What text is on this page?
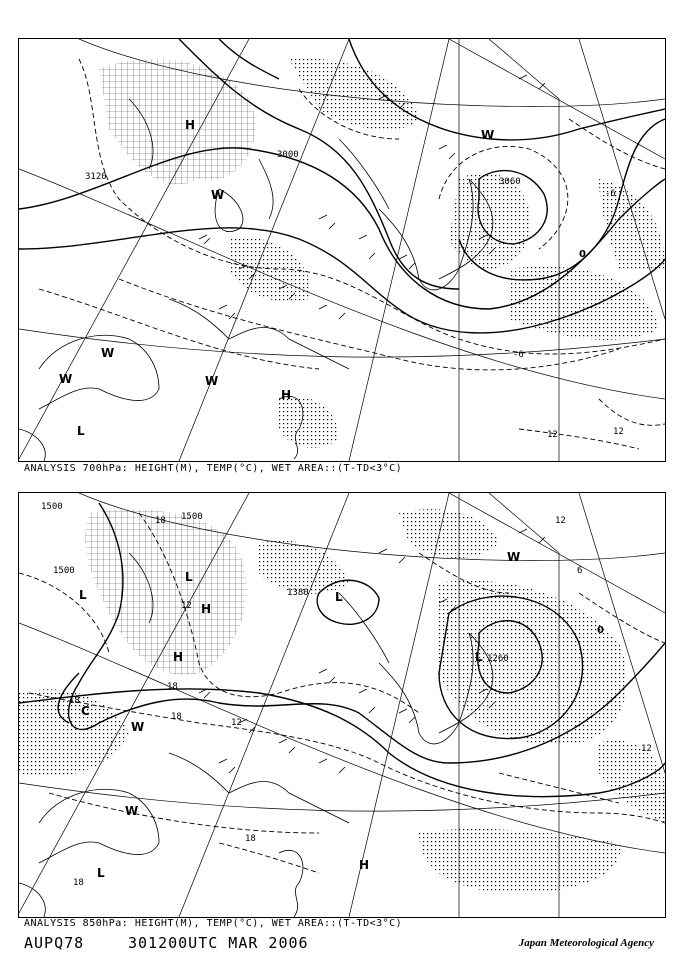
3120
3000
3060
0
-6
-6
12	12
H
W
W	W
L
H
W
W
ANALYSIS 700hPa: HEIGHT(M), TEMP(°C), WET AREA::(T-TD<3°C)
1500
1500
1500
1380
1260
18
18
12
12
18
18
6
0
12
12
18
18
L
L
H
H
L
W
C
W
W
L
H
L
ANALYSIS 850hPa: HEIGHT(M), TEMP(°C), WET AREA::(T-TD<3°C)
AUPQ78	301200UTC MAR 2006	Japan Meteorological Agency
